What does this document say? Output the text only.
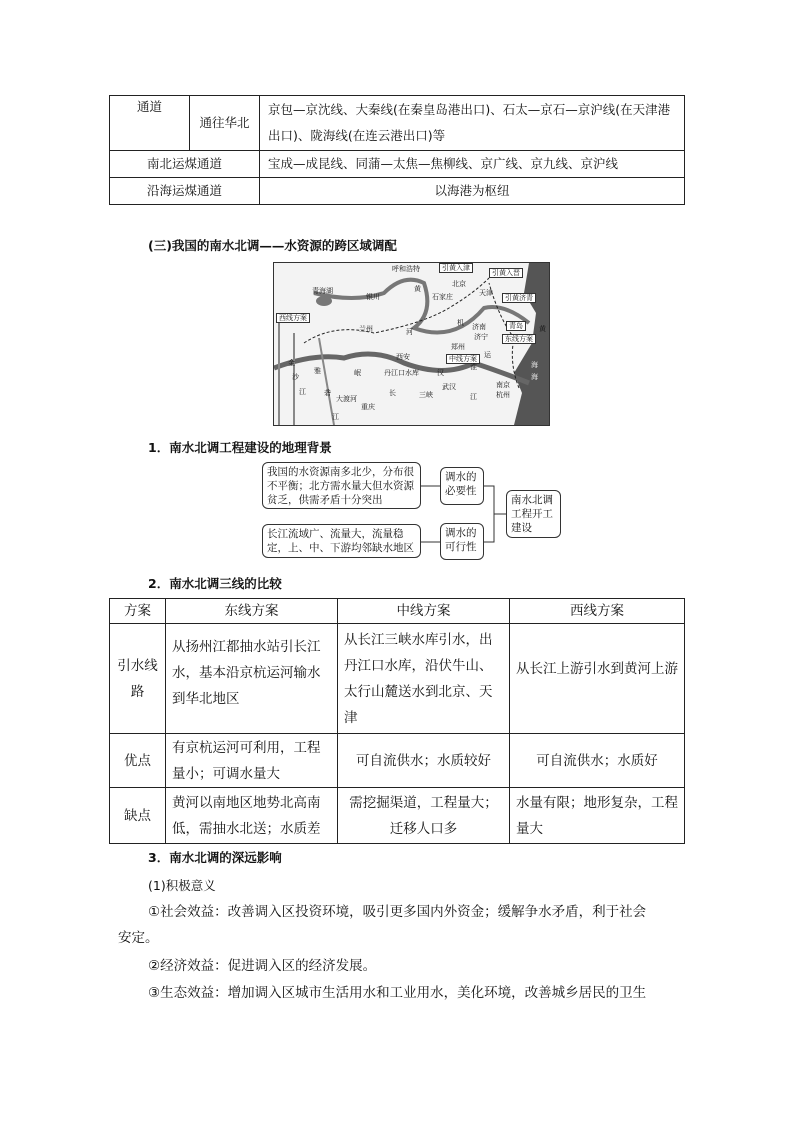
通道	通往华北	京包—京沈线、大秦线(在秦皇岛港出口)、石太—京石—京沪线(在天津港出口)、陇海线(在连云港出口)等
南北运煤通道		宝成—成昆线、同蒲—太焦—焦柳线、京广线、京九线、京沪线
沿海运煤通道		以海港为枢纽
(三)我国的南水北调——水资源的跨区域调配
呼和浩特	引黄入津
引黄入晋
北京
天津
引黄济青
石家庄
黄
银川
青海湖
西线方案
兰州	河
机 济南
济宁
青岛
东线方案
郑州
西安	中线方案
黄
丹江口水库	汉
淮
运
南京
杭州
长	三峡
武汉
江
重庆
金
沙
江
雅
砻
江
岷
大渡河
海
海
1．南水北调工程建设的地理背景
我国的水资源南多北少，分布很不平衡；北方需水量大但水资源贫乏，供需矛盾十分突出
调水的必要性
长江流域广、流量大，流量稳定，上、中、下游均邻缺水地区
调水的可行性
南水北调工程开工建设
2．南水北调三线的比较
方案	东线方案	中线方案	西线方案
引水线路	从扬州江都抽水站引长江水，基本沿京杭运河输水到华北地区	从长江三峡水库引水，出丹江口水库，沿伏牛山、太行山麓送水到北京、天津	从长江上游引水到黄河上游
优点	有京杭运河可利用，工程量小；可调水量大	可自流供水；水质较好	可自流供水；水质好
缺点	黄河以南地区地势北高南低，需抽水北送；水质差	需挖掘渠道，工程量大；迁移人口多	水量有限；地形复杂，工程量大
3．南水北调的深远影响
(1)积极意义
①社会效益：改善调入区投资环境，吸引更多国内外资金；缓解争水矛盾，利于社会
安定。
②经济效益：促进调入区的经济发展。
③生态效益：增加调入区城市生活用水和工业用水，美化环境，改善城乡居民的卫生
